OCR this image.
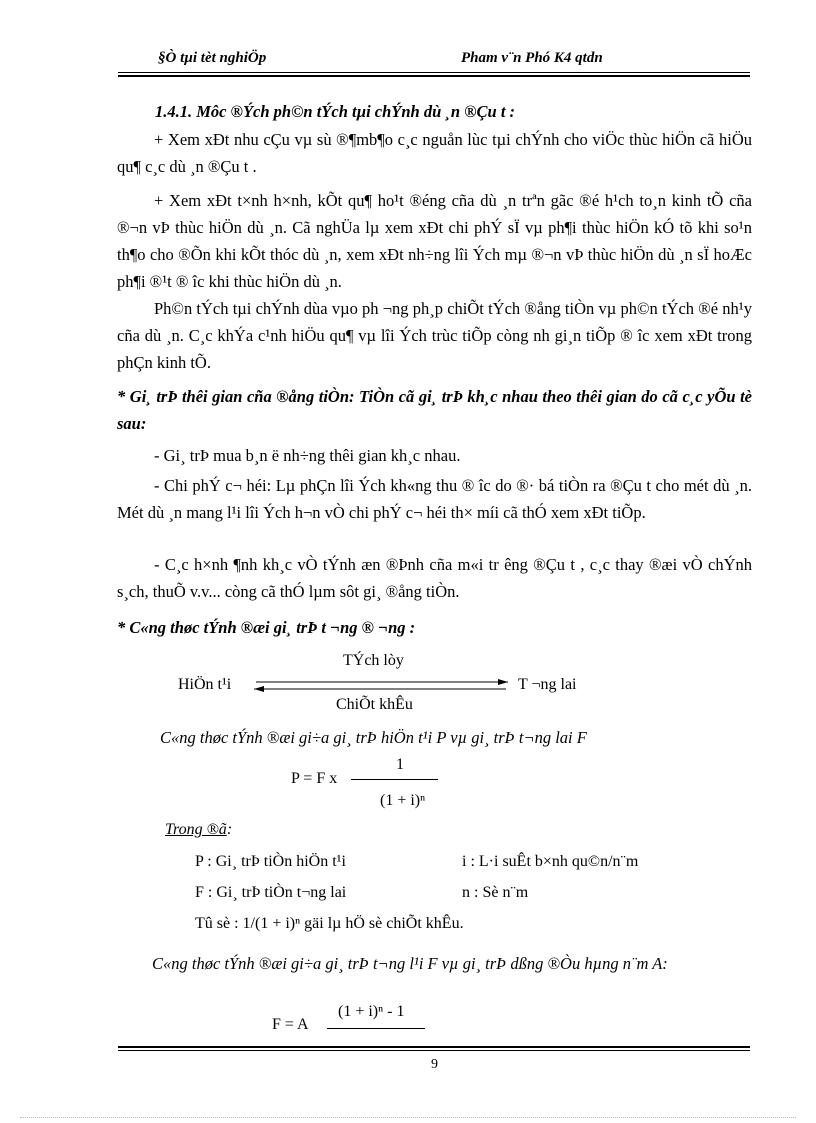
§Ò tµi tèt nghiÖp	Pham v¨n Phó K4 qtdn
1.4.1. Môc ®Ých ph©n tÝch tµi chÝnh dù ¸n ®Çu t :
+ Xem xÐt nhu cÇu vµ sù ®¶mb¶o c¸c nguån lùc tµi chÝnh cho viÖc thùc hiÖn cã hiÖu qu¶ c¸c dù ¸n ®Çu t .
+ Xem xÐt t×nh h×nh, kÕt qu¶ ho¹t ®éng cña dù ¸n trªn gãc ®é h¹ch to¸n kinh tÕ cña ®¬n vÞ thùc hiÖn dù ¸n. Cã nghÜa lµ xem xÐt chi phÝ sÏ vµ ph¶i thùc hiÖn kÓ tõ khi so¹n th¶o cho ®Õn khi kÕt thóc dù ¸n, xem xÐt nh÷ng lîi Ých mµ ®¬n vÞ thùc hiÖn dù ¸n sÏ hoÆc ph¶i ®¹t ® îc khi thùc hiÖn dù ¸n.
Ph©n tÝch tµi chÝnh dùa vµo ph ¬ng ph¸p chiÕt tÝch ®ång tiÒn vµ ph©n tÝch ®é nh¹y cña dù ¸n. C¸c khÝa c¹nh hiÖu qu¶ vµ lîi Ých trùc tiÕp còng nh gi¸n tiÕp ® îc xem xÐt trong phÇn kinh tÕ.
* Gi¸ trÞ thêi gian cña ®ång tiÒn: TiÒn cã gi¸ trÞ kh¸c nhau theo thêi gian do cã c¸c yÕu tè sau:
- Gi¸ trÞ mua b¸n ë nh÷ng thêi gian kh¸c nhau.
- Chi phÝ c¬ héi: Lµ phÇn lîi Ých kh«ng thu ® îc do ®· bá tiÒn ra ®Çu t cho mét dù ¸n. Mét dù ¸n mang l¹i lîi Ých h¬n vÒ chi phÝ c¬ héi th× míi cã thÓ xem xÐt tiÕp.
- C¸c h×nh ¶nh kh¸c vÒ tÝnh æn ®Þnh cña m«i tr êng ®Çu t , c¸c thay ®æi vÒ chÝnh s¸ch, thuÕ v.v... còng cã thÓ lµm sôt gi¸ ®ång tiÒn.
* C«ng thøc tÝnh ®æi gi¸ trÞ t ¬ng ® ¬ng :
TÝch lòy
HiÖn t¹i	T ¬ng lai
ChiÕt khÊu
C«ng thøc tÝnh ®æi gi÷a gi¸ trÞ hiÖn t¹i P vµ gi¸ trÞ t¬ng lai F
1
P = F x
(1 + i)ⁿ
Trong ®ã:
P : Gi¸ trÞ tiÒn hiÖn t¹i	i : L·i suÊt b×nh qu©n/n¨m
F : Gi¸ trÞ tiÒn t¬ng lai	n : Sè n¨m
Tû sè : 1/(1 + i)ⁿ gäi lµ hÖ sè chiÕt khÊu.
C«ng thøc tÝnh ®æi gi÷a gi¸ trÞ t¬ng l¹i F vµ gi¸ trÞ dßng ®Òu hµng n¨m A:
(1 + i)ⁿ - 1
F = A
9
